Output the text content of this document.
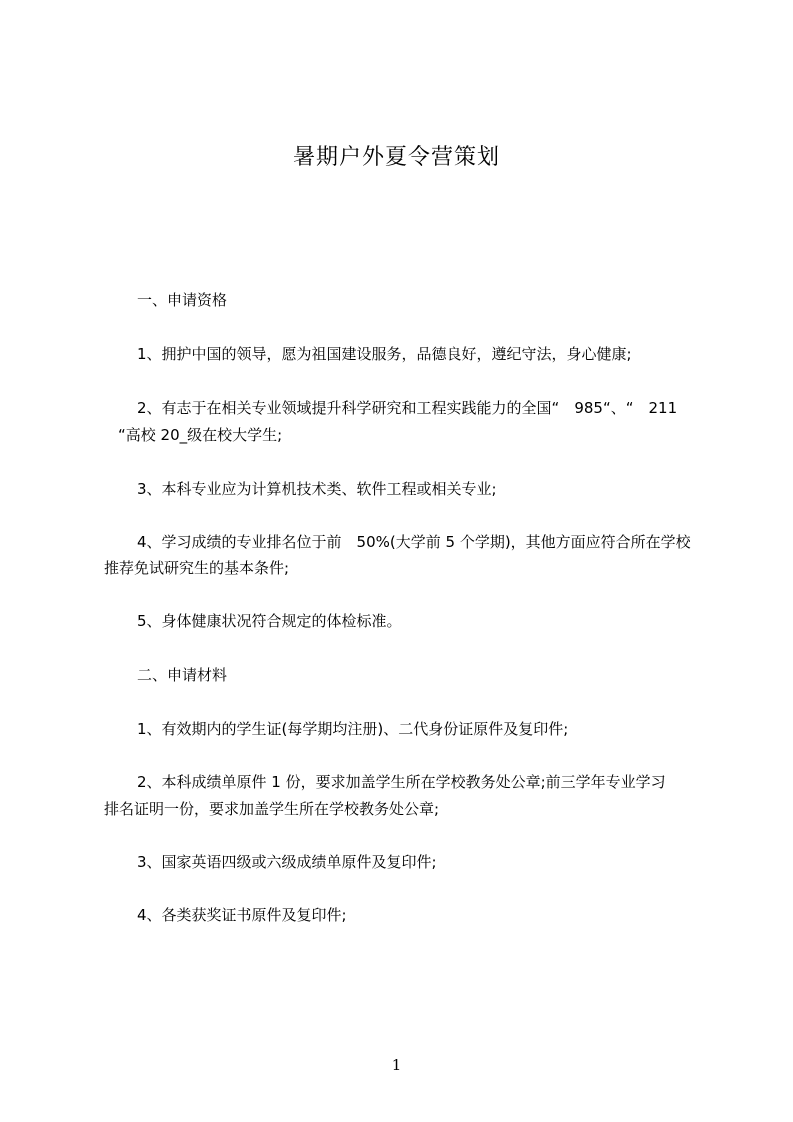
暑期户外夏令营策划
一、申请资格
1、拥护中国的领导，愿为祖国建设服务，品德良好，遵纪守法，身心健康;
2、有志于在相关专业领域提升科学研究和工程实践能力的全国“　985“、“　211
“高校 20_级在校大学生;
3、本科专业应为计算机技术类、软件工程或相关专业;
4、学习成绩的专业排名位于前　50%(大学前 5 个学期)，其他方面应符合所在学校
推荐免试研究生的基本条件;
5、身体健康状况符合规定的体检标准。
二、申请材料
1、有效期内的学生证(每学期均注册)、二代身份证原件及复印件;
2、本科成绩单原件 1 份，要求加盖学生所在学校教务处公章;前三学年专业学习
排名证明一份，要求加盖学生所在学校教务处公章;
3、国家英语四级或六级成绩单原件及复印件;
4、各类获奖证书原件及复印件;
1
